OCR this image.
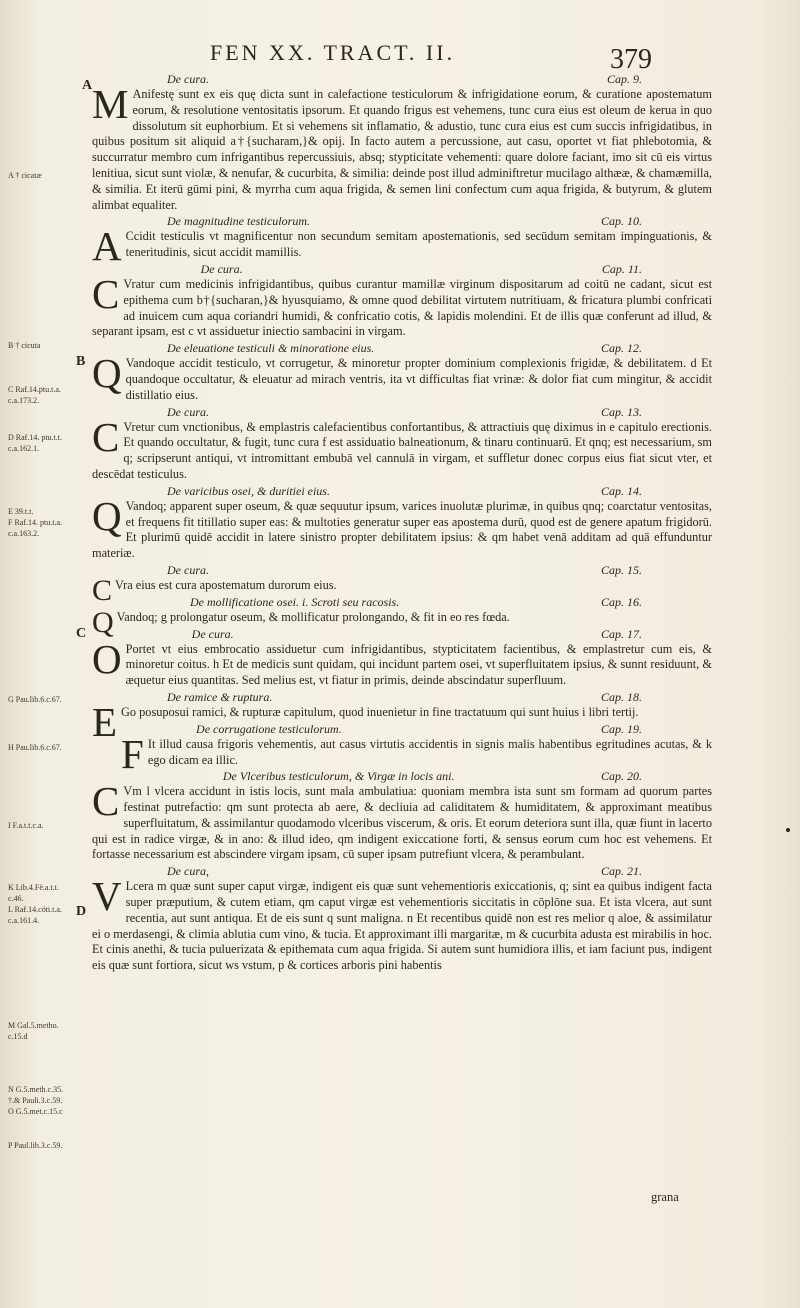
FEN XX. TRACT. II.	379
A
B
C
D
A † cicatæ
B † cicuta
C Raf.14.ptu.t.a.
c.a.173.2.
D Raf.14. ptu.t.t.
c.a.162.1.
E 39.t.t.
F Raf.14. ptu.t.a.
c.a.163.2.
G Pau.lib.6.c.67.
H Pau.lib.6.c.67.
I F.a.t.t.c.a.
K Lib.4.Fë.a.t.t.
c.46.
L Raf.14.cöti.t.a.
c.a.161.4.
M Gal.5.metho.
c.15.d
N G.5.meth.c.35.
†.& Pauli.3.c.59.
O G.5.met.c.15.c
P Paul.lib.3.c.59.
De cura.	Cap. 9.

M Anifestę sunt ex eis quę dicta sunt in calefactione testiculorum & infrigidatione eorum, & curatione apostematum eorum, & resolutione ventositatis ipsorum. Et quando frigus est vehemens, tunc cura eius est oleum de kerua in quo dissolutum sit euphorbium. Et si vehemens sit inflamatio, & adustio, tunc cura eius est cum succis infrigidatibus, in quibus positum sit aliquid a†{sucharam,}& opij. In facto autem a percussione, aut casu, oportet vt fiat phlebotomia, & succurratur membro cum infrigantibus repercussiuis, absq; stypticitate vehementi: quare dolore faciant, imo sit cū eis virtus lenitiua, sicut sunt violæ, & nenufar, & cucurbita, & similia: deinde post illud adminiftretur mucilago althææ, & chamæmilla, & similia. Et iterū gūmi pini, & myrrha cum aqua frigida, & semen lini confectum cum aqua frigida, & butyrum, & glutem alimbat equaliter.

De magnitudine testiculorum.	Cap. 10.

A Ccidit testiculis vt magnificentur non secundum semitam apostemationis, sed secūdum semitam impinguationis, & teneritudinis, sicut accidit mamillis.

De cura.	Cap. 11.

C Vratur cum medicinis infrigidantibus, quibus curantur mamillæ virginum dispositarum ad coitū ne cadant, sicut est epithema cum b†{sucharan,}& hyusquiamo, & omne quod debilitat virtutem nutritiuam, & fricatura plumbi confricati ad inuicem cum aqua coriandri humidi, & confricatio cotis, & lapidis molendini. Et de illis quæ conferunt ad illud, & separant ipsam, est c vt assiduetur iniectio sambacini in virgam.

De eleuatione testiculi & minoratione eius.	Cap. 12.

Q Vandoque accidit testiculo, vt corrugetur, & minoretur propter dominium complexionis frigidæ, & debilitatem. d Et quandoque occultatur, & eleuatur ad mirach ventris, ita vt difficultas fiat vrinæ: & dolor fiat cum mingitur, & accidit distillatio eius.

De cura.	Cap. 13.

C Vretur cum vnctionibus, & emplastris calefacientibus confortantibus, & attractiuis quę diximus in e capitulo erectionis. Et quando occultatur, & fugit, tunc cura f est assiduatio balneationum, & tinaru continuarū. Et qnq; est necessarium, sm q; scripserunt antiqui, vt intromittant embubā vel cannulā in virgam, et suffletur donec corpus eius fiat sicut vter, et descēdat testiculus.

De varicibus osei, & duritiei eius.	Cap. 14.

Q Vandoq; apparent super oseum, & quæ sequutur ipsum, varices inuolutæ plurimæ, in quibus qnq; coarctatur ventositas, et frequens fit titillatio super eas: & multoties generatur super eas apostema durū, quod est de genere apatum frigidorū. Et plurimū quidē accidit in latere sinistro propter debilitatem ipsius: & qm habet venā additam ad quā effunduntur materiæ.

De cura.	Cap. 15.

C Vra eius est cura apostematum durorum eius.

De mollificatione osei. i. Scroti seu racosis.	Cap. 16.

Q Vandoq; g prolongatur oseum, & mollificatur prolongando, & fit in eo res fœda.

De cura.	Cap. 17.

O Portet vt eius embrocatio assiduetur cum infrigidantibus, stypticitatem facientibus, & emplastretur cum eis, & minoretur coitus. h Et de medicis sunt quidam, qui incidunt partem osei, vt superfluitatem ipsius, & sunnt residuunt, & æquetur eius quantitas. Sed melius est, vt fiatur in primis, deinde abscindatur superfluum.

De ramice & ruptura.	Cap. 18.

E Go posuposui ramici, & rupturæ capitulum, quod inuenietur in fine tractatuum qui sunt huius i libri tertij.

De corrugatione testiculorum.	Cap. 19.

F It illud causa frigoris vehementis, aut casus virtutis accidentis in signis malis habentibus egritudines acutas, & k ego dicam ea illic.

De Vlceribus testiculorum, & Virgæ in locis ani.	Cap. 20.

C Vm l vlcera accidunt in istis locis, sunt mala ambulatiua: quoniam membra ista sunt sm formam ad quorum partes festinat putrefactio: qm sunt protecta ab aere, & decliuia ad caliditatem & humiditatem, & approximant meatibus superfluitatum, & assimilantur quodamodo vlceribus viscerum, & oris. Et eorum deteriora sunt illa, quæ fiunt in lacerto qui est in radice virgæ, & in ano: & illud ideo, qm indigent exiccatione forti, & sensus eorum cum hoc est vehemens. Et fortasse necessarium est abscindere virgam ipsam, cū super ipsam putrefiunt vlcera, & perambulant.

De cura,	Cap. 21.

V Lcera m quæ sunt super caput virgæ, indigent eis quæ sunt vehementioris exiccationis, q; sint ea quibus indigent facta super præputium, & cutem etiam, qm caput virgæ est vehementioris siccitatis in cōplōne sua. Et ista vlcera, aut sunt recentia, aut sunt antiqua. Et de eis sunt q sunt maligna. n Et recentibus quidē non est res melior q aloe, & assimilatur ei o merdasengi, & climia ablutia cum vino, & tucia. Et approximant illi margaritæ, m & cucurbita adusta est mirabilis in hoc. Et cinis anethi, & tucia puluerizata & epithemata cum aqua frigida. Si autem sunt humidiora illis, et iam faciunt pus, indigent eis quæ sunt fortiora, sicut ws vstum, p & cortices arboris pini habentis

grana
